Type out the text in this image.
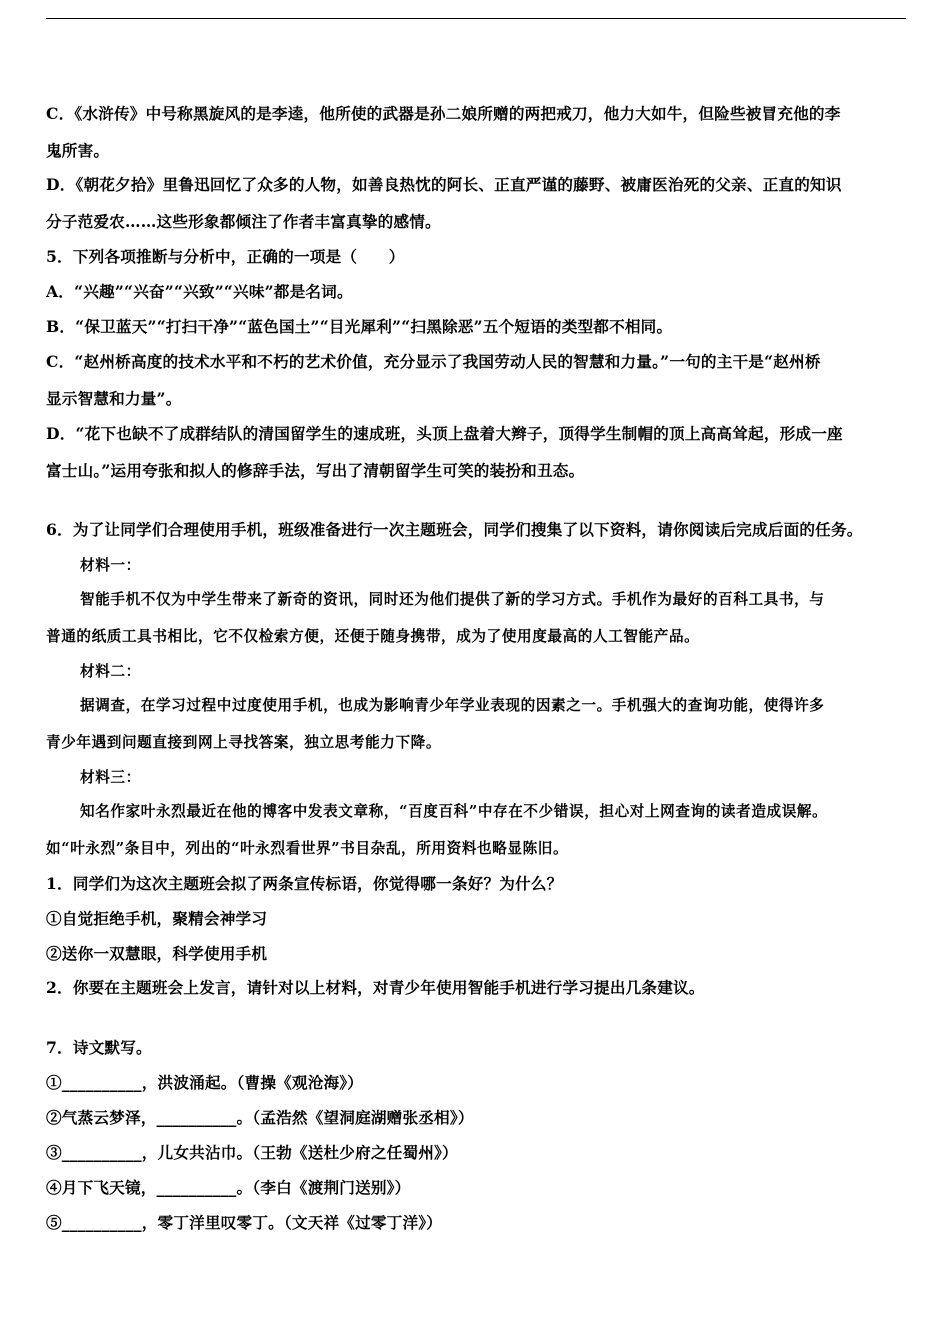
C．《水浒传》中号称黑旋风的是李逵，他所使的武器是孙二娘所赠的两把戒刀，他力大如牛，但险些被冒充他的李
鬼所害。
D．《朝花夕拾》里鲁迅回忆了众多的人物，如善良热忱的阿长、正直严谨的藤野、被庸医治死的父亲、正直的知识
分子范爱农……这些形象都倾注了作者丰富真挚的感情。
5．下列各项推断与分析中，正确的一项是（　　）
A．“兴趣”“兴奋”“兴致”“兴味”都是名词。
B．“保卫蓝天”“打扫干净”“蓝色国土”“目光犀利”“扫黑除恶”五个短语的类型都不相同。
C．“赵州桥高度的技术水平和不朽的艺术价值，充分显示了我国劳动人民的智慧和力量。”一句的主干是“赵州桥
显示智慧和力量”。
D．“花下也缺不了成群结队的清国留学生的速成班，头顶上盘着大辫子，顶得学生制帽的顶上高高耸起，形成一座
富士山。”运用夸张和拟人的修辞手法，写出了清朝留学生可笑的装扮和丑态。
6．为了让同学们合理使用手机，班级准备进行一次主题班会，同学们搜集了以下资料，请你阅读后完成后面的任务。
材料一：
智能手机不仅为中学生带来了新奇的资讯，同时还为他们提供了新的学习方式。手机作为最好的百科工具书，与
普通的纸质工具书相比，它不仅检索方便，还便于随身携带，成为了使用度最高的人工智能产品。
材料二：
据调查，在学习过程中过度使用手机，也成为影响青少年学业表现的因素之一。手机强大的查询功能，使得许多
青少年遇到问题直接到网上寻找答案，独立思考能力下降。
材料三：
知名作家叶永烈最近在他的博客中发表文章称，“百度百科”中存在不少错误，担心对上网查询的读者造成误解。
如“叶永烈”条目中，列出的“叶永烈看世界”书目杂乱，所用资料也略显陈旧。
1．同学们为这次主题班会拟了两条宣传标语，你觉得哪一条好？为什么？
①自觉拒绝手机，聚精会神学习
②送你一双慧眼，科学使用手机
2．你要在主题班会上发言，请针对以上材料，对青少年使用智能手机进行学习提出几条建议。
7．诗文默写。
①__________，洪波涌起。（曹操《观沧海》）
②气蒸云梦泽，__________。（孟浩然《望洞庭湖赠张丞相》）
③__________，儿女共沾巾。（王勃《送杜少府之任蜀州》）
④月下飞天镜，__________。（李白《渡荆门送别》）
⑤__________，零丁洋里叹零丁。（文天祥《过零丁洋》）
